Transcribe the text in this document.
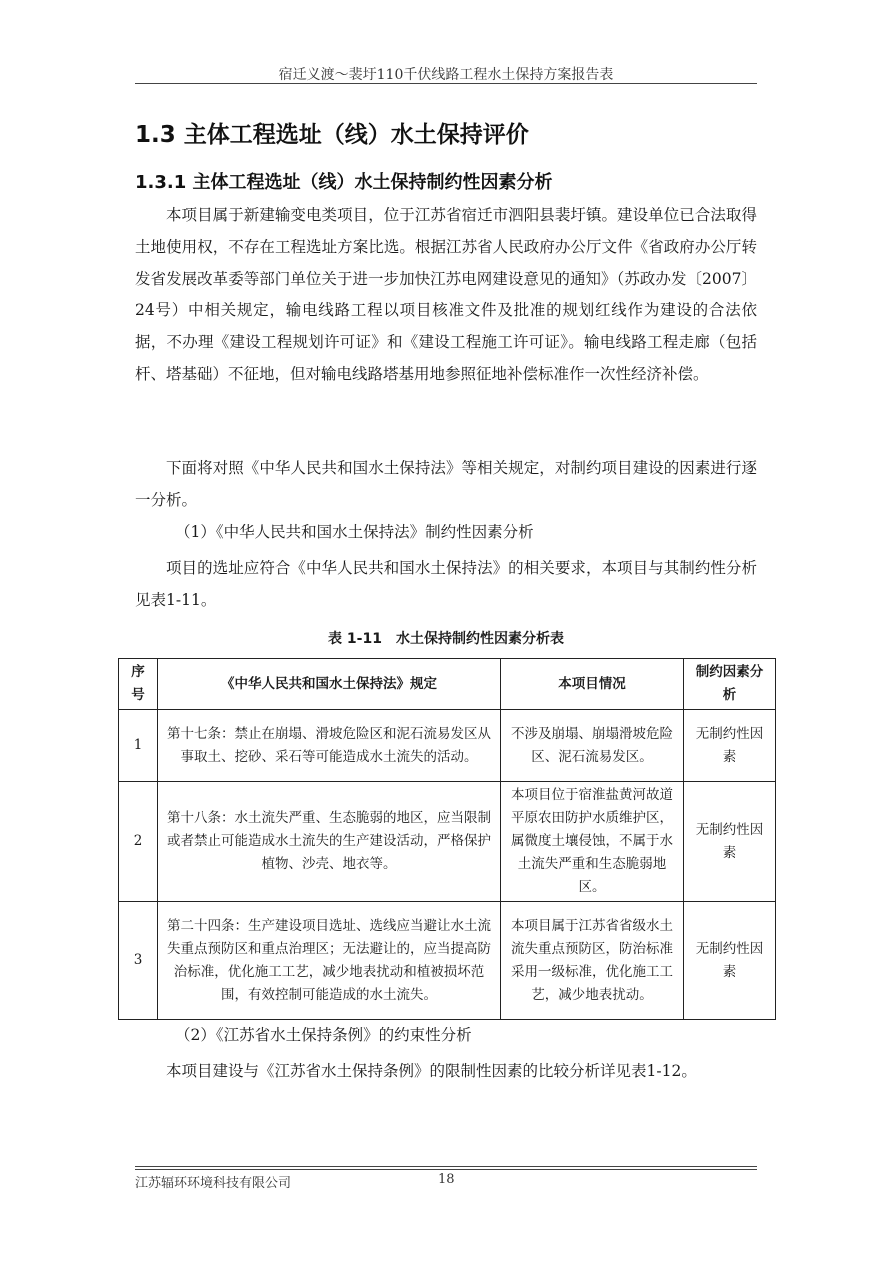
宿迁义渡～裴圩110千伏线路工程水土保持方案报告表
1.3 主体工程选址（线）水土保持评价
1.3.1 主体工程选址（线）水土保持制约性因素分析
本项目属于新建输变电类项目，位于江苏省宿迁市泗阳县裴圩镇。建设单位已合法取得土地使用权，不存在工程选址方案比选。根据江苏省人民政府办公厅文件《省政府办公厅转发省发展改革委等部门单位关于进一步加快江苏电网建设意见的通知》（苏政办发〔2007〕24号）中相关规定，输电线路工程以项目核准文件及批准的规划红线作为建设的合法依据，不办理《建设工程规划许可证》和《建设工程施工许可证》。输电线路工程走廊（包括杆、塔基础）不征地，但对输电线路塔基用地参照征地补偿标准作一次性经济补偿。
下面将对照《中华人民共和国水土保持法》等相关规定，对制约项目建设的因素进行逐一分析。
（1）《中华人民共和国水土保持法》制约性因素分析
项目的选址应符合《中华人民共和国水土保持法》的相关要求，本项目与其制约性分析见表1-11。
表 1-11　水土保持制约性因素分析表
序号	《中华人民共和国水土保持法》规定	本项目情况	制约因素分析
1	第十七条：禁止在崩塌、滑坡危险区和泥石流易发区从事取土、挖砂、采石等可能造成水土流失的活动。	不涉及崩塌、崩塌滑坡危险区、泥石流易发区。	无制约性因素
2	第十八条：水土流失严重、生态脆弱的地区，应当限制或者禁止可能造成水土流失的生产建设活动，严格保护植物、沙壳、地衣等。	本项目位于宿淮盐黄河故道平原农田防护水质维护区，属微度土壤侵蚀，不属于水土流失严重和生态脆弱地区。	无制约性因素
3	第二十四条：生产建设项目选址、选线应当避让水土流失重点预防区和重点治理区；无法避让的，应当提高防治标准，优化施工工艺，减少地表扰动和植被损坏范围，有效控制可能造成的水土流失。	本项目属于江苏省省级水土流失重点预防区，防治标准采用一级标准，优化施工工艺，减少地表扰动。	无制约性因素
（2）《江苏省水土保持条例》的约束性分析
本项目建设与《江苏省水土保持条例》的限制性因素的比较分析详见表1-12。
江苏辐环环境科技有限公司	18
